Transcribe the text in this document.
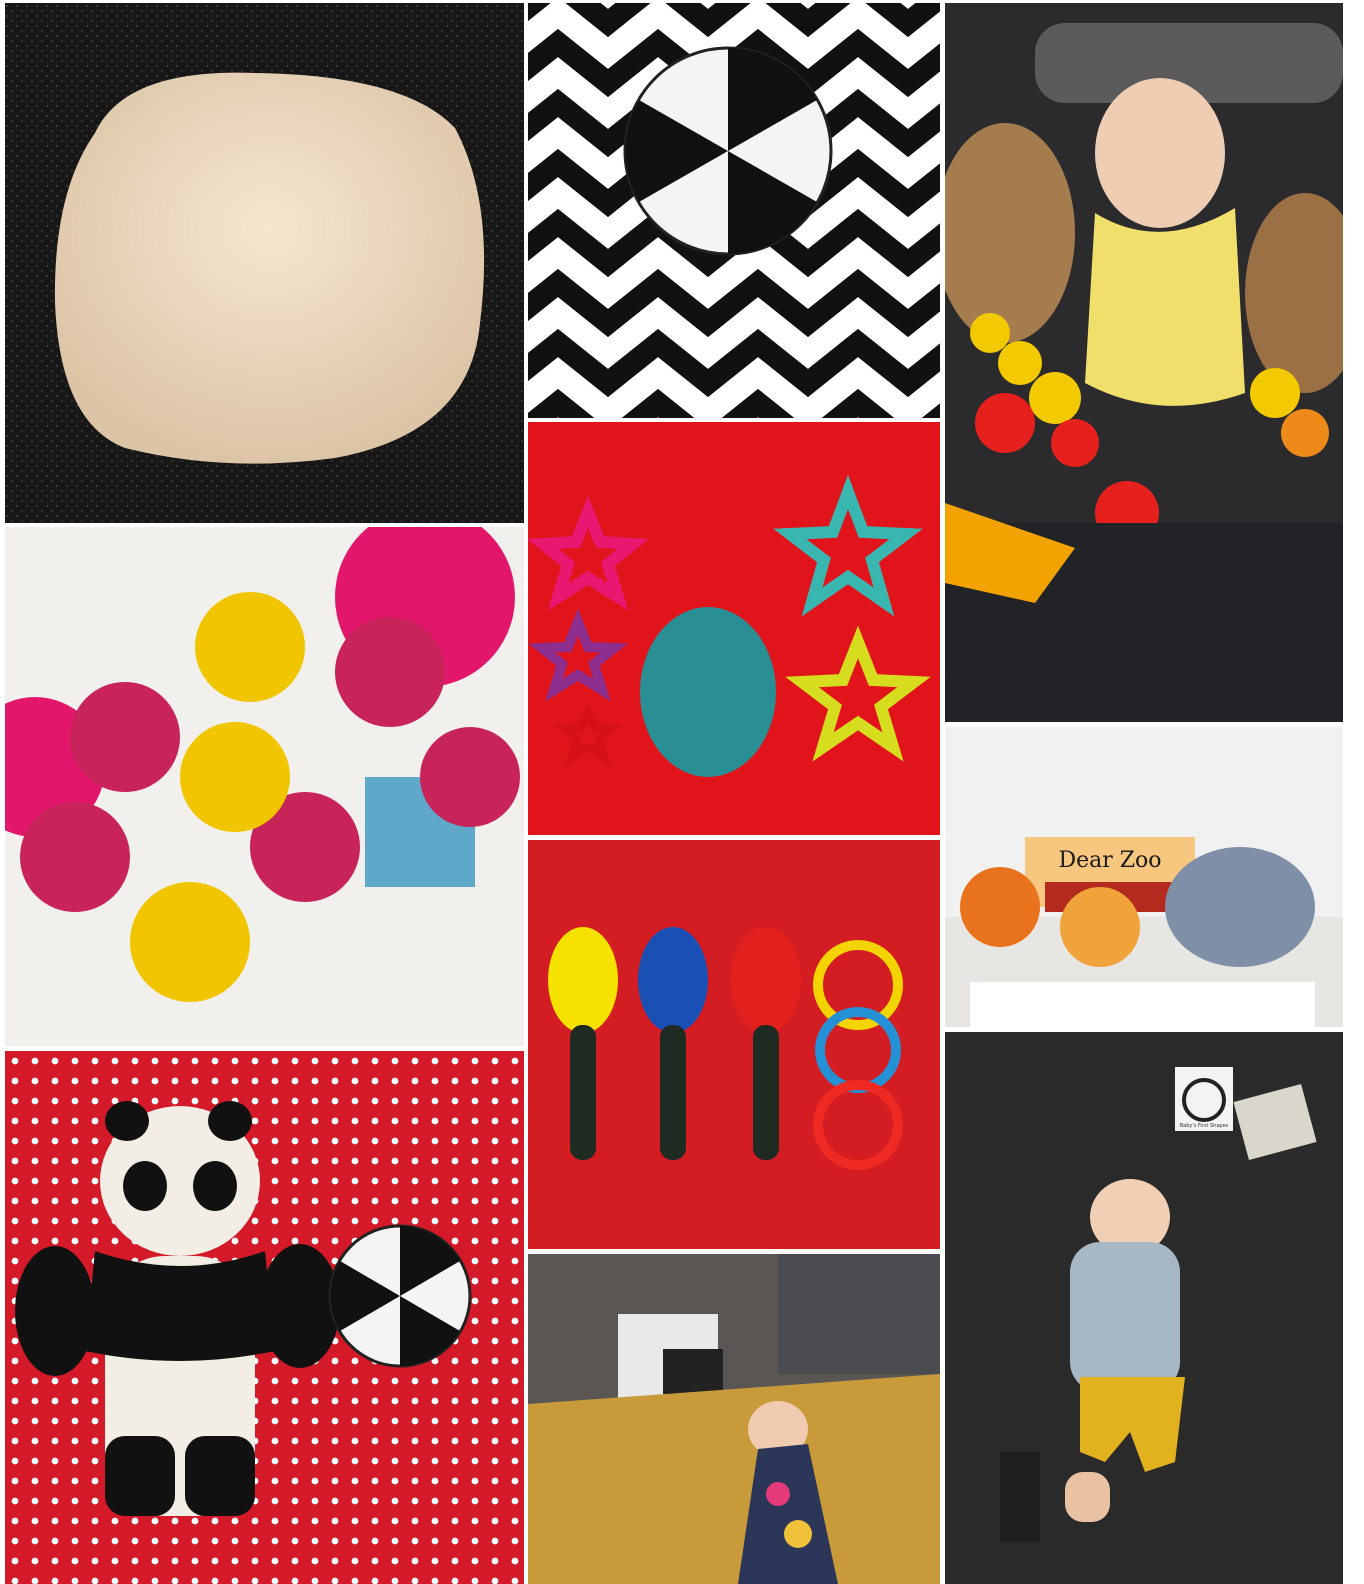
Dear Zoo
Baby's First Shapes
